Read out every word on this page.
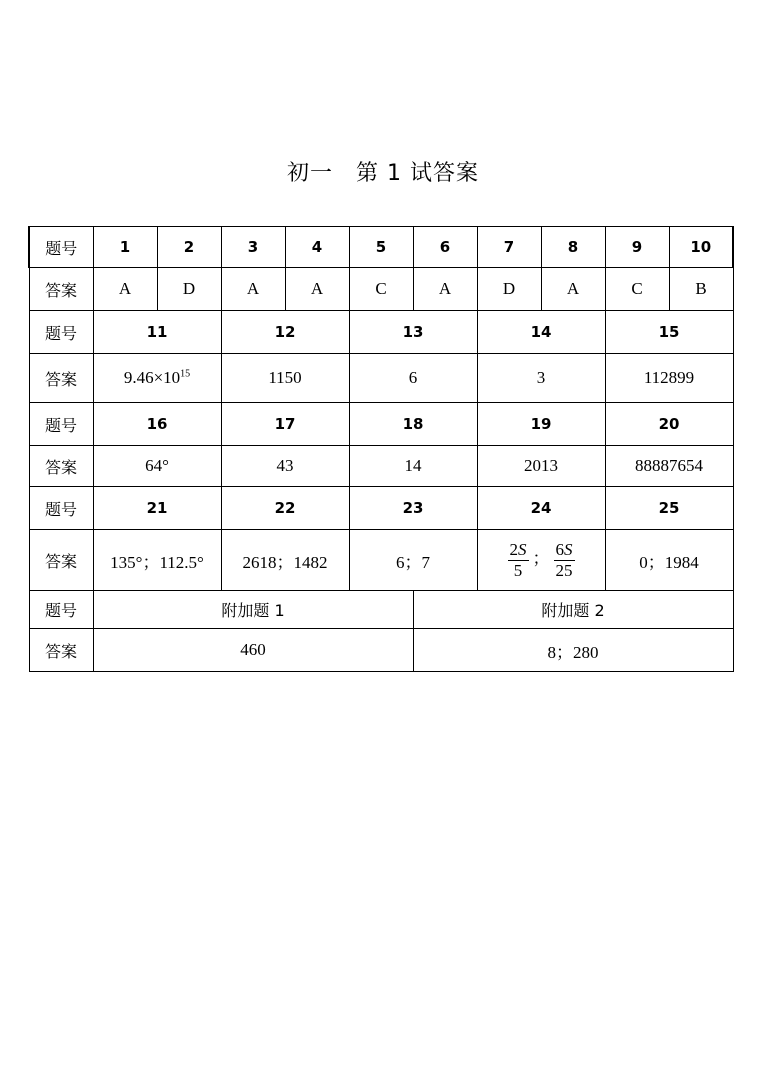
初一　第 1 试答案
题号	1	2	3	4	5	6	7	8	9	10
答案	A	D	A	A	C	A	D	A	C	B
题号	11		12		13		14		15	
答案	$9.46\times 10^{15}$		1150		6		3		112899	
题号	16		17		18		19		20	
答案	64°		43		14		2013		88887654	
题号	21		22		23		24		25	
答案	135°；112.5°		2618；1482		6；7		$\frac{2S}{5}$ ； $\frac{6S}{25}$		0；1984	
题号	附加题 1					附加题 2				
答案	460					8；280				
